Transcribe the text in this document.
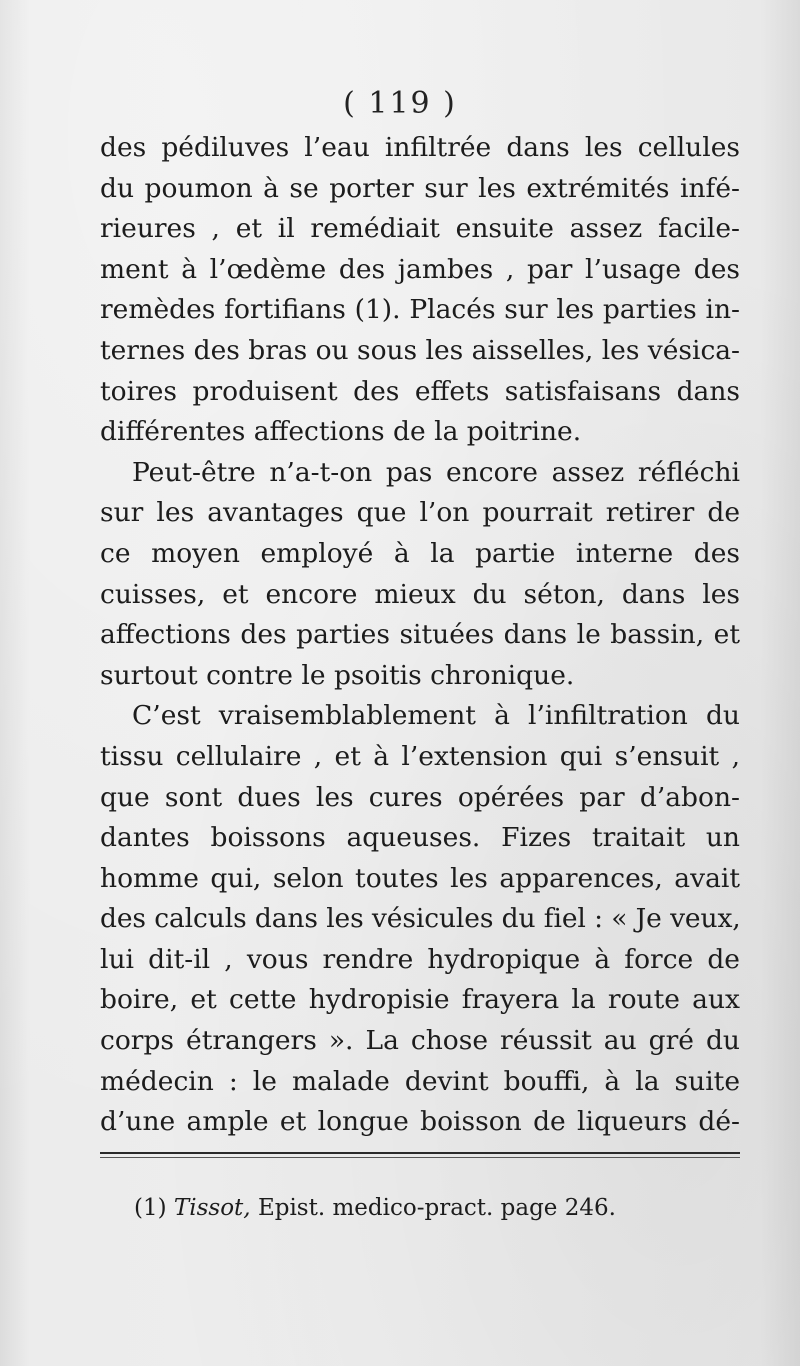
( 119 )
des pédiluves l’eau infiltrée dans les cellules
du poumon à se porter sur les extrémités infé-
rieures , et il remédiait ensuite assez facile-
ment à l’œdème des jambes , par l’usage des
remèdes fortifians (1). Placés sur les parties in-
ternes des bras ou sous les aisselles, les vésica-
toires produisent des effets satisfaisans dans
différentes affections de la poitrine.
Peut-être n’a-t-on pas encore assez réfléchi
sur les avantages que l’on pourrait retirer de
ce moyen employé à la partie interne des
cuisses, et encore mieux du séton, dans les
affections des parties situées dans le bassin, et
surtout contre le psoitis chronique.
C’est vraisemblablement à l’infiltration du
tissu cellulaire , et à l’extension qui s’ensuit ,
que sont dues les cures opérées par d’abon-
dantes boissons aqueuses. Fizes traitait un
homme qui, selon toutes les apparences, avait
des calculs dans les vésicules du fiel : « Je veux,
lui dit-il , vous rendre hydropique à force de
boire, et cette hydropisie frayera la route aux
corps étrangers ». La chose réussit au gré du
médecin : le malade devint bouffi, à la suite
d’une ample et longue boisson de liqueurs dé-
(1) Tissot, Epist. medico-pract. page 246.
